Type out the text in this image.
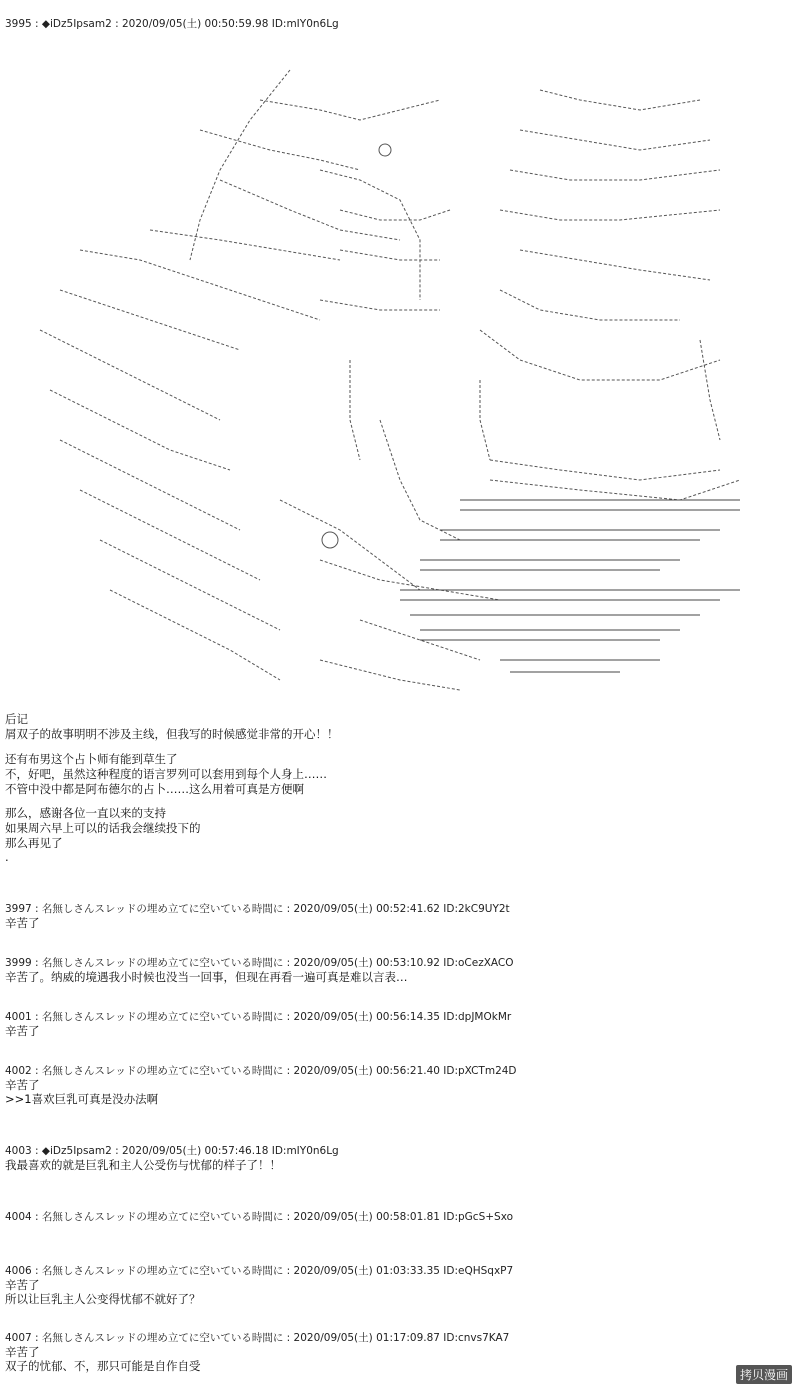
3995 : ◆iDz5Ipsam2 : 2020/09/05(土) 00:50:59.98 ID:mIY0n6Lg
后记
屑双子的故事明明不涉及主线，但我写的时候感觉非常的开心！！
还有布男这个占卜师有能到草生了
不，好吧，虽然这种程度的语言罗列可以套用到每个人身上……
不管中没中都是阿布德尔的占卜……这么用着可真是方便啊
那么，感谢各位一直以来的支持
如果周六早上可以的话我会继续投下的
那么再见了
.
3997 : 名無しさんスレッドの埋め立てに空いている時間に : 2020/09/05(土) 00:52:41.62 ID:2kC9UY2t
辛苦了
3999 : 名無しさんスレッドの埋め立てに空いている時間に : 2020/09/05(土) 00:53:10.92 ID:oCezXACO
辛苦了。纳威的境遇我小时候也没当一回事，但现在再看一遍可真是难以言表…
4001 : 名無しさんスレッドの埋め立てに空いている時間に : 2020/09/05(土) 00:56:14.35 ID:dpJMOkMr
辛苦了
4002 : 名無しさんスレッドの埋め立てに空いている時間に : 2020/09/05(土) 00:56:21.40 ID:pXCTm24D
辛苦了
>>1喜欢巨乳可真是没办法啊
4003 : ◆iDz5Ipsam2 : 2020/09/05(土) 00:57:46.18 ID:mIY0n6Lg
我最喜欢的就是巨乳和主人公受伤与忧郁的样子了！！
4004 : 名無しさんスレッドの埋め立てに空いている時間に : 2020/09/05(土) 00:58:01.81 ID:pGcS+Sxo
4006 : 名無しさんスレッドの埋め立てに空いている時間に : 2020/09/05(土) 01:03:33.35 ID:eQHSqxP7
辛苦了
所以让巨乳主人公变得忧郁不就好了？
4007 : 名無しさんスレッドの埋め立てに空いている時間に : 2020/09/05(土) 01:17:09.87 ID:cnvs7KA7
辛苦了
双子的忧郁、不，那只可能是自作自受
拷贝漫画
